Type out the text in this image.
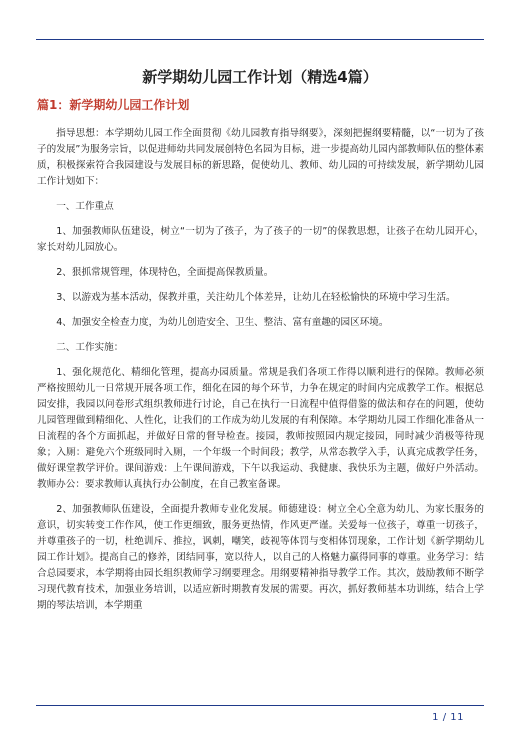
新学期幼儿园工作计划（精选4篇）
篇1：新学期幼儿园工作计划

指导思想：本学期幼儿园工作全面贯彻《幼儿园教育指导纲要》，深刻把握纲要精髓，以“一切为了孩子的发展”为服务宗旨，以促进师幼共同发展创特色名园为目标，进一步提高幼儿园内部教师队伍的整体素质，积极探索符合我园建设与发展目标的新思路，促使幼儿、教师、幼儿园的可持续发展，新学期幼儿园工作计划如下：

一、工作重点

1、加强教师队伍建设，树立“一切为了孩子，为了孩子的一切”的保教思想，让孩子在幼儿园开心，家长对幼儿园放心。

2、狠抓常规管理，体现特色，全面提高保教质量。

3、以游戏为基本活动，保教并重，关注幼儿个体差异，让幼儿在轻松愉快的环境中学习生活。

4、加强安全检查力度，为幼儿创造安全、卫生、整洁、富有童趣的园区环境。

二、工作实施：

1、强化规范化、精细化管理，提高办园质量。常规是我们各项工作得以顺利进行的保障。教师必须严格按照幼儿一日常规开展各项工作，细化在园的每个环节，力争在规定的时间内完成教学工作。根据总园安排，我园以问卷形式组织教师进行讨论，自己在执行一日流程中值得借鉴的做法和存在的问题，使幼儿园管理做到精细化、人性化，让我们的工作成为幼儿发展的有利保障。本学期幼儿园工作细化准备从一日流程的各个方面抓起，并做好日常的督导检查。接园，教师按照园内规定接园，同时减少消极等待现象；入厕：避免六个班级同时入厕，一个年级一个时间段；教学，从常态教学入手，认真完成教学任务，做好课堂教学评价。课间游戏：上午课间游戏，下午以我运动、我健康、我快乐为主题，做好户外活动。教师办公：要求教师认真执行办公制度，在自己教室备课。

2、加强教师队伍建设，全面提升教师专业化发展。师德建设：树立全心全意为幼儿、为家长服务的意识，切实转变工作作风，使工作更细致，服务更热情，作风更严谨。关爱每一位孩子，尊重一切孩子，并尊重孩子的一切，杜绝训斥、推拉，讽刺，嘲笑，歧视等体罚与变相体罚现象，工作计划《新学期幼儿园工作计划》。提高自己的修养，团结同事，宽以待人，以自己的人格魅力赢得同事的尊重。业务学习：结合总园要求，本学期将由园长组织教师学习纲要理念。用纲要精神指导教学工作。其次，鼓励教师不断学习现代教育技术，加强业务培训，以适应新时期教育发展的需要。再次，抓好教师基本功训练，结合上学期的琴法培训，本学期重

1 / 11
